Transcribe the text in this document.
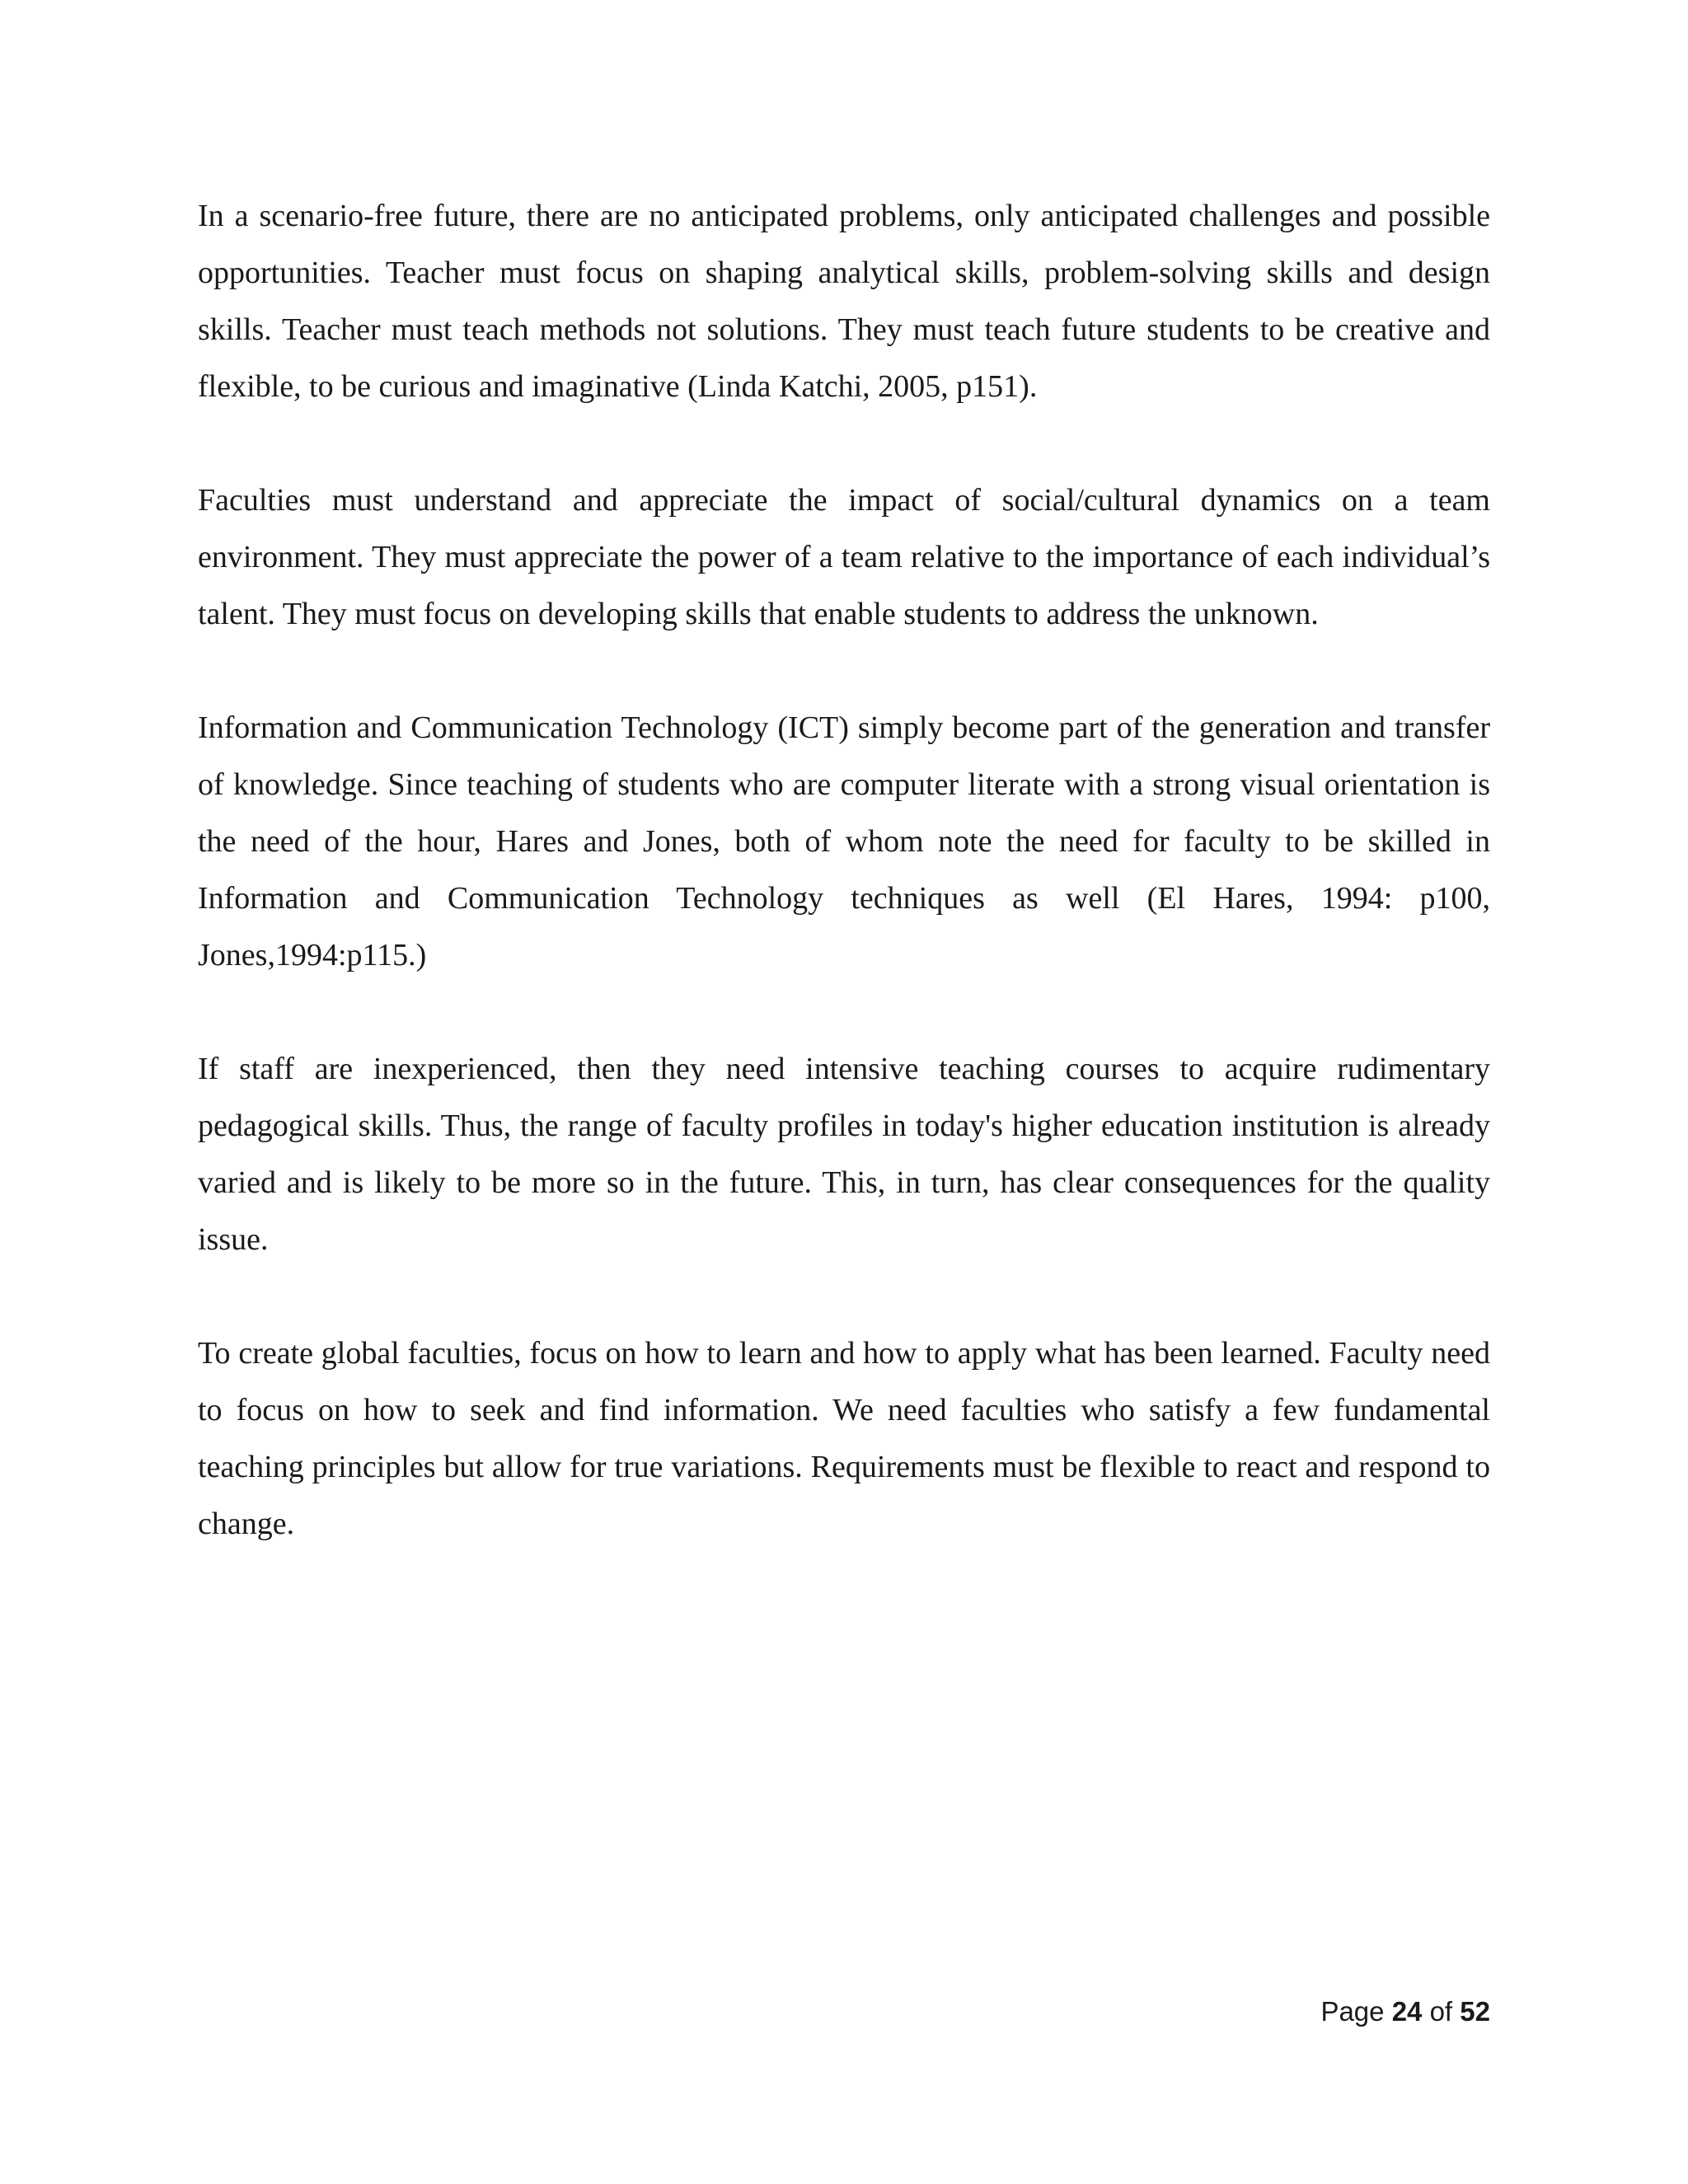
In a scenario-free future, there are no anticipated problems, only anticipated challenges and possible opportunities. Teacher must focus on shaping analytical skills, problem-solving skills and design skills. Teacher must teach methods not solutions. They must teach future students to be creative and flexible, to be curious and imaginative (Linda Katchi, 2005, p151).

Faculties must understand and appreciate the impact of social/cultural dynamics on a team environment. They must appreciate the power of a team relative to the importance of each individual’s talent. They must focus on developing skills that enable students to address the unknown.

Information and Communication Technology (ICT) simply become part of the generation and transfer of knowledge. Since teaching of students who are computer literate with a strong visual orientation is the need of the hour, Hares and Jones, both of whom note the need for faculty to be skilled in Information and Communication Technology techniques as well (El Hares, 1994: p100, Jones,1994:p115.)

If staff are inexperienced, then they need intensive teaching courses to acquire rudimentary pedagogical skills. Thus, the range of faculty profiles in today's higher education institution is already varied and is likely to be more so in the future. This, in turn, has clear consequences for the quality issue.

To create global faculties, focus on how to learn and how to apply what has been learned. Faculty need to focus on how to seek and find information. We need faculties who satisfy a few fundamental teaching principles but allow for true variations. Requirements must be flexible to react and respond to change.

Page 24 of 52
